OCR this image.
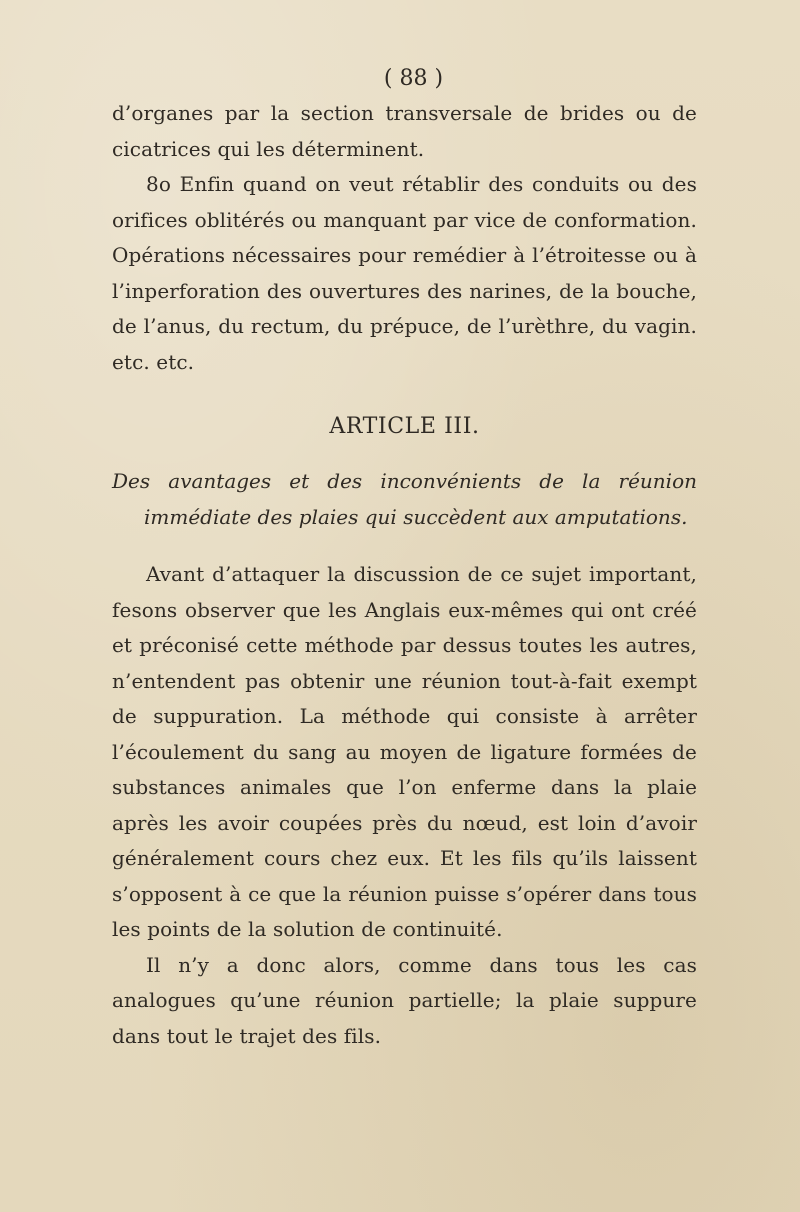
( 88 )

d’organes par la section transversale de brides ou de cicatrices qui les déterminent.

8o Enfin quand on veut rétablir des conduits ou des orifices oblitérés ou manquant par vice de conformation. Opérations nécessaires pour remédier à l’étroitesse ou à l’inperforation des ouvertures des narines, de la bouche, de l’anus, du rectum, du prépuce, de l’urèthre, du vagin. etc. etc.

ARTICLE III.
Des avantages et des inconvénients de la réunion immédiate des plaies qui succèdent aux amputations.

Avant d’attaquer la discussion de ce sujet important, fesons observer que les Anglais eux-mêmes qui ont créé et préconisé cette méthode par dessus toutes les autres, n’entendent pas obtenir une réunion tout-à-fait exempt de suppuration. La méthode qui consiste à arrêter l’écoulement du sang au moyen de ligature formées de substances animales que l’on enferme dans la plaie après les avoir coupées près du nœud, est loin d’avoir généralement cours chez eux. Et les fils qu’ils laissent s’opposent à ce que la réunion puisse s’opérer dans tous les points de la solution de continuité.

Il n’y a donc alors, comme dans tous les cas analogues qu’une réunion partielle; la plaie suppure dans tout le trajet des fils.
